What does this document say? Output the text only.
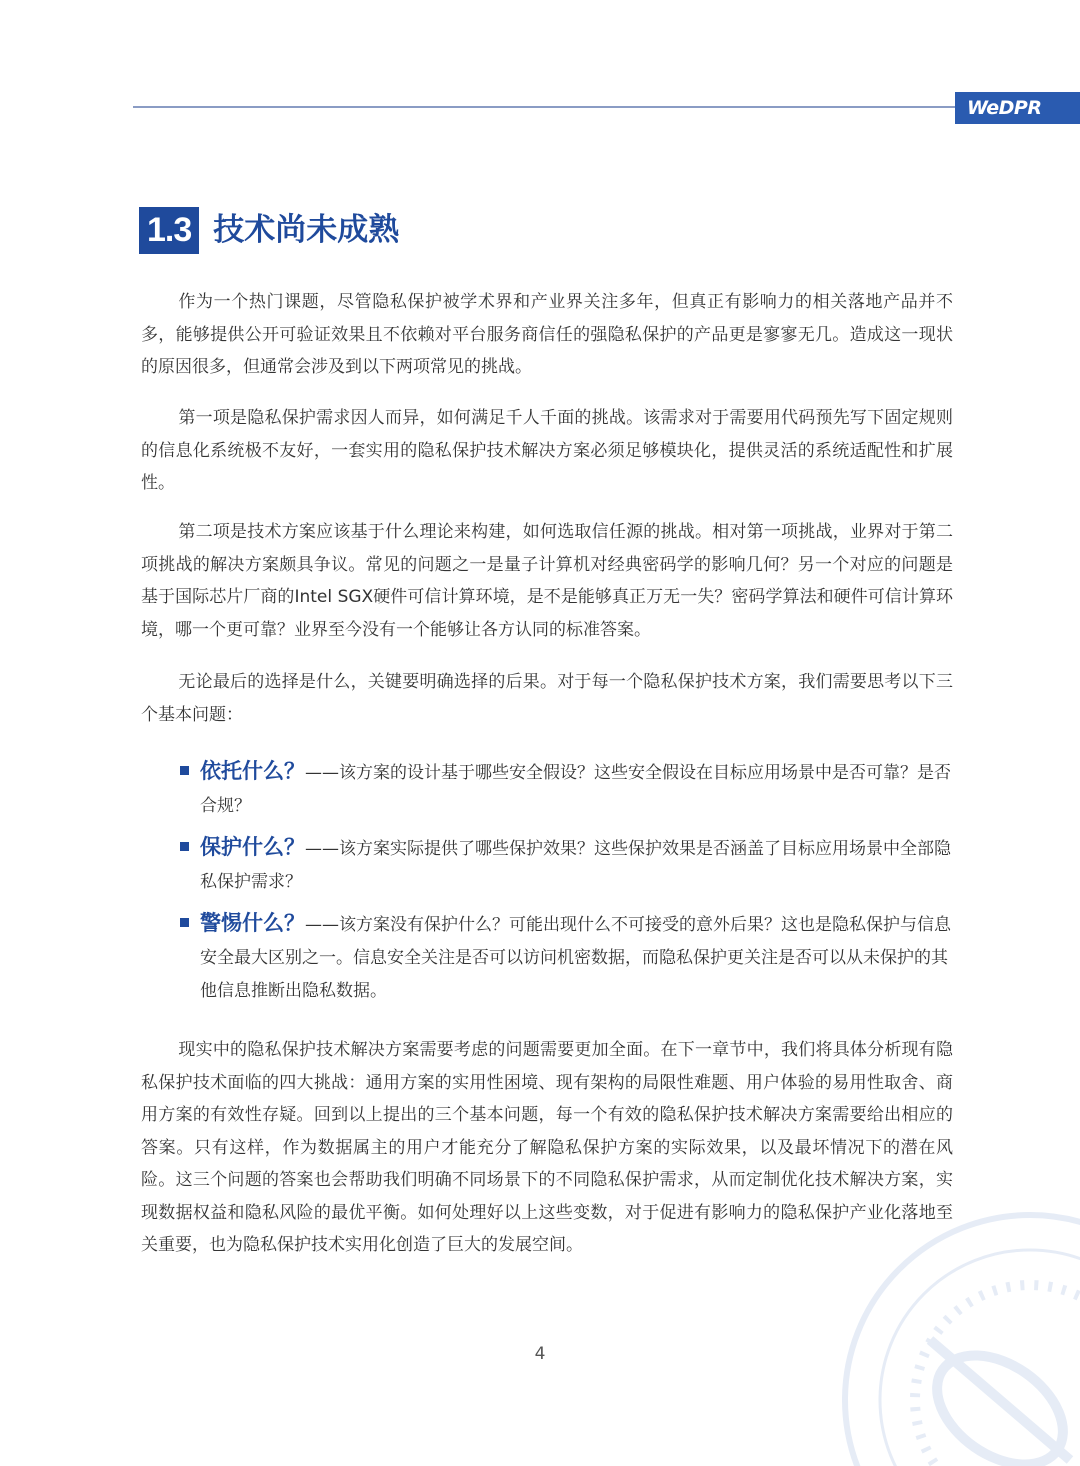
WeDPR
1.3 技术尚未成熟

作为一个热门课题，尽管隐私保护被学术界和产业界关注多年，但真正有影响力的相关落地产品并不多，能够提供公开可验证效果且不依赖对平台服务商信任的强隐私保护的产品更是寥寥无几。造成这一现状的原因很多，但通常会涉及到以下两项常见的挑战。

第一项是隐私保护需求因人而异，如何满足千人千面的挑战。该需求对于需要用代码预先写下固定规则的信息化系统极不友好，一套实用的隐私保护技术解决方案必须足够模块化，提供灵活的系统适配性和扩展性。

第二项是技术方案应该基于什么理论来构建，如何选取信任源的挑战。相对第一项挑战，业界对于第二项挑战的解决方案颇具争议。常见的问题之一是量子计算机对经典密码学的影响几何？另一个对应的问题是基于国际芯片厂商的Intel SGX硬件可信计算环境，是不是能够真正万无一失？密码学算法和硬件可信计算环境，哪一个更可靠？业界至今没有一个能够让各方认同的标准答案。

无论最后的选择是什么，关键要明确选择的后果。对于每一个隐私保护技术方案，我们需要思考以下三个基本问题：

依托什么？——该方案的设计基于哪些安全假设？这些安全假设在目标应用场景中是否可靠？是否合规？

保护什么？——该方案实际提供了哪些保护效果？这些保护效果是否涵盖了目标应用场景中全部隐私保护需求？

警惕什么？——该方案没有保护什么？可能出现什么不可接受的意外后果？这也是隐私保护与信息安全最大区别之一。信息安全关注是否可以访问机密数据，而隐私保护更关注是否可以从未保护的其他信息推断出隐私数据。

现实中的隐私保护技术解决方案需要考虑的问题需要更加全面。在下一章节中，我们将具体分析现有隐私保护技术面临的四大挑战：通用方案的实用性困境、现有架构的局限性难题、用户体验的易用性取舍、商用方案的有效性存疑。回到以上提出的三个基本问题，每一个有效的隐私保护技术解决方案需要给出相应的答案。只有这样，作为数据属主的用户才能充分了解隐私保护方案的实际效果，以及最坏情况下的潜在风险。这三个问题的答案也会帮助我们明确不同场景下的不同隐私保护需求，从而定制优化技术解决方案，实现数据权益和隐私风险的最优平衡。如何处理好以上这些变数，对于促进有影响力的隐私保护产业化落地至关重要，也为隐私保护技术实用化创造了巨大的发展空间。

4
